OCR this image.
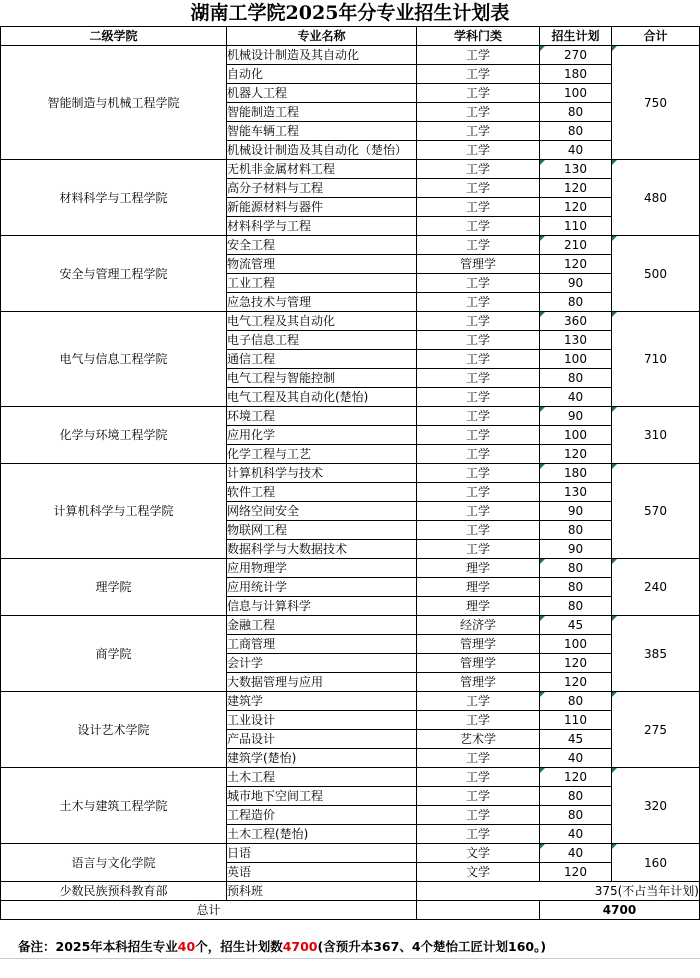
湖南工学院2025年分专业招生计划表
二级学院	专业名称	学科门类	招生计划	合计
智能制造与机械工程学院	机械设计制造及其自动化	工学	270	750

	自动化	工学	180	
	机器人工程	工学	100	
	智能制造工程	工学	80	
	智能车辆工程	工学	80	
	机械设计制造及其自动化（楚怡）	工学	40	
材料科学与工程学院	无机非金属材料工程	工学	130	480

	高分子材料与工程	工学	120	
	新能源材料与器件	工学	120	
	材料科学与工程	工学	110	
安全与管理工程学院	安全工程	工学	210	500

	物流管理	管理学	120	
	工业工程	工学	90	
	应急技术与管理	工学	80	
电气与信息工程学院	电气工程及其自动化	工学	360	710

	电子信息工程	工学	130	
	通信工程	工学	100	
	电气工程与智能控制	工学	80	
	电气工程及其自动化(楚怡)	工学	40	
化学与环境工程学院	环境工程	工学	90	310

	应用化学	工学	100	
	化学工程与工艺	工学	120	
计算机科学与工程学院	计算机科学与技术	工学	180	570

	软件工程	工学	130	
	网络空间安全	工学	90	
	物联网工程	工学	80	
	数据科学与大数据技术	工学	90	
理学院	应用物理学	理学	80	240

	应用统计学	理学	80	
	信息与计算科学	理学	80	
商学院	金融工程	经济学	45	385

	工商管理	管理学	100	
	会计学	管理学	120	
	大数据管理与应用	管理学	120	
设计艺术学院	建筑学	工学	80	275

	工业设计	工学	110	
	产品设计	艺术学	45	
	建筑学(楚怡)	工学	40	
土木与建筑工程学院	土木工程	工学	120	320

	城市地下空间工程	工学	80	
	工程造价	工学	80	
	土木工程(楚怡)	工学	40	
语言与文化学院	日语	文学	40	160

	英语	文学	120	
少数民族预科教育部	预科班	375(不占当年计划)		
总计			4700	
备注：2025年本科招生专业40个，招生计划数4700(含预升本367、4个楚怡工匠计划160。)
